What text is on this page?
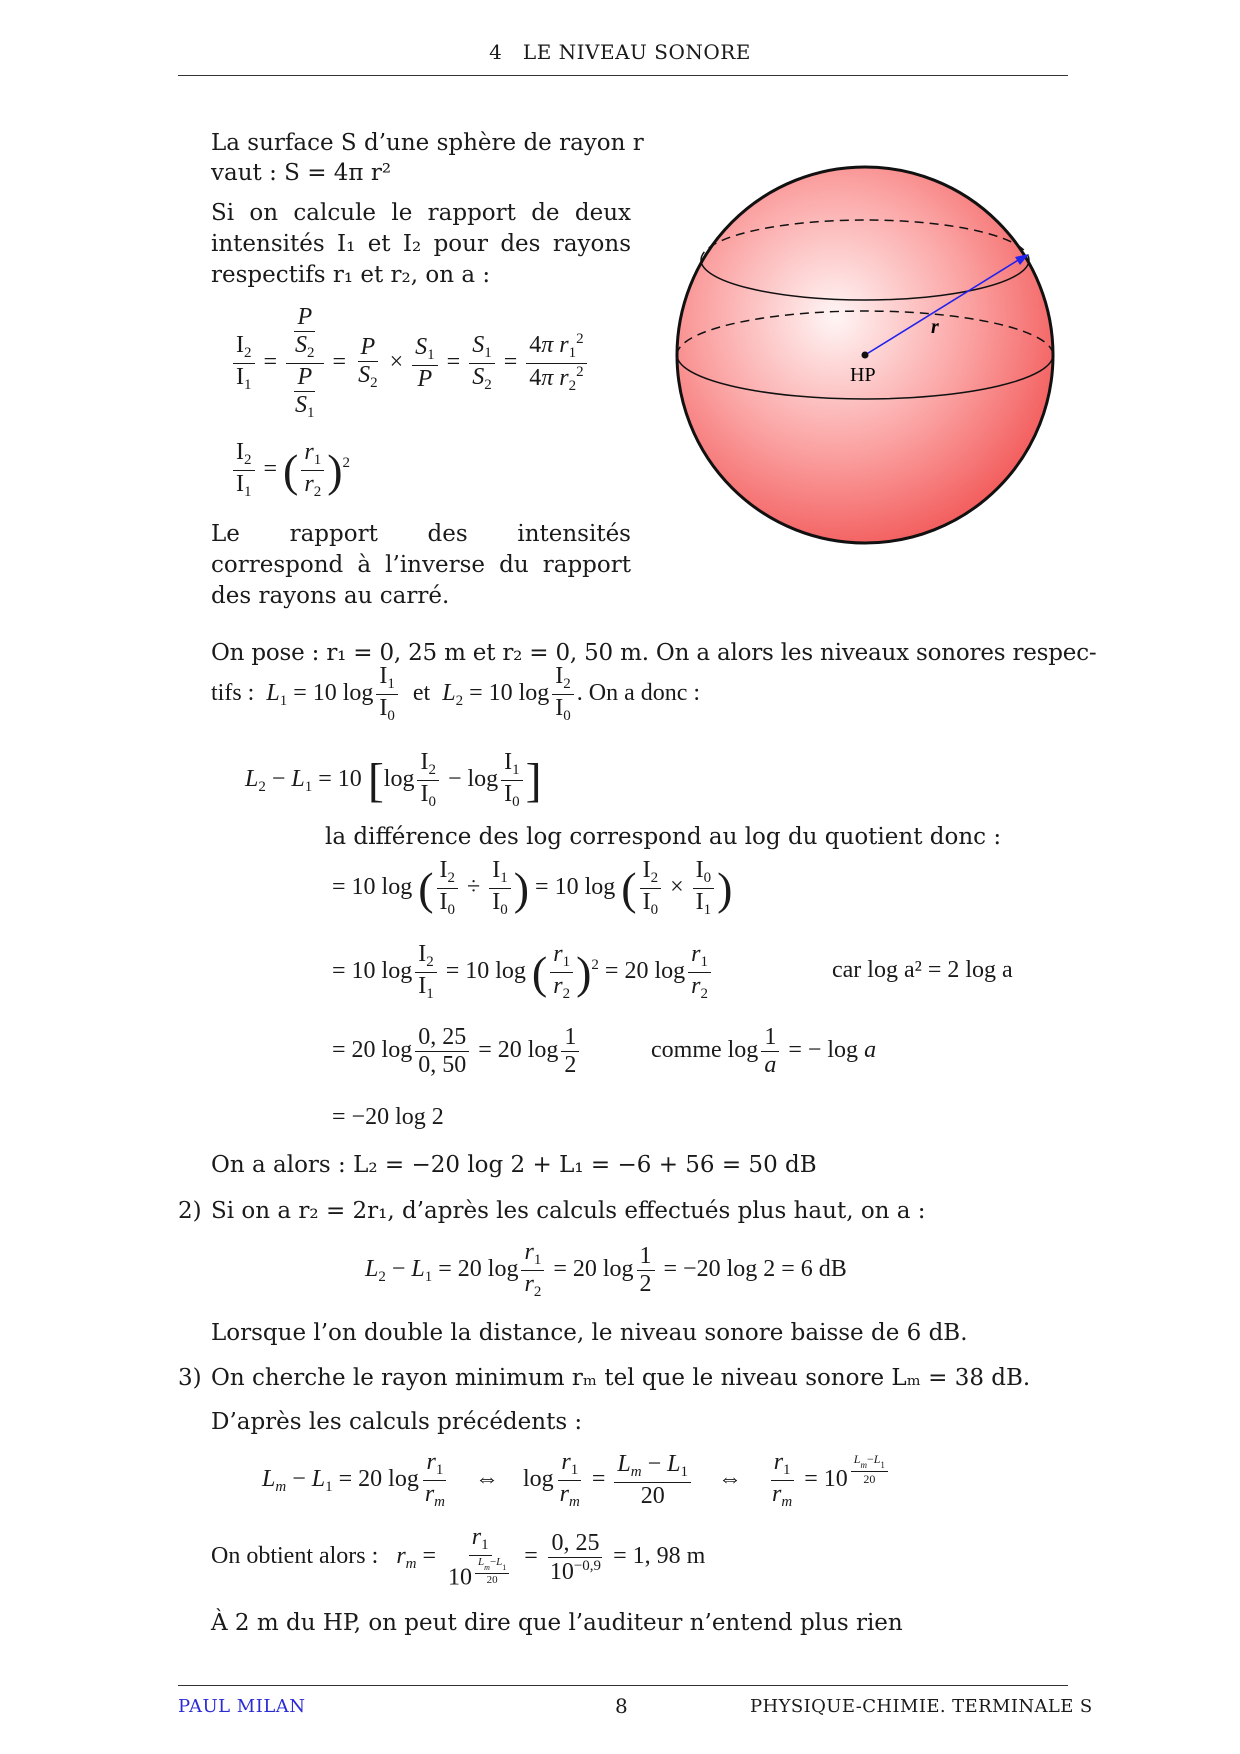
4 LE NIVEAU SONORE
La surface S d’une sphère de rayon r
vaut : S = 4π r²
Si on calcule le rapport de deux intensités I₁ et I₂ pour des rayons respectifs r₁ et r₂, on a :
$\frac{I_2}{I_1} = \frac{\frac{P}{S_2}}{\frac{P}{S_1}} = \frac{P}{S_2} \times \frac{S_1}{P} = \frac{S_1}{S_2} = \frac{4\pi r_1^2}{4\pi r_2^2}$
$\frac{I_2}{I_1}$ = ( $\frac{r_1}{r_2} )^2$
Le rapport des intensités correspond à l’inverse du rapport des rayons au carré.
r
HP
On pose : r₁ = 0, 25 m et r₂ = 0, 50 m. On a alors les niveaux sonores respec-
tifs : $L_1 = 10$ $\log \frac{I_1}{I_0}$ et $L_2 = 10$ $\log \frac{I_2}{I_0}$ . On a donc :
$L_2 - L_1 = 10$ [$\log \frac{I_2}{I_0} - \log \frac{I_1}{I_0}$ ]
la différence des log correspond au log du quotient donc :
= 10 log ( $\frac{I_2}{I_0} \div \frac{I_1}{I_0}$ ) = 10 log ( $\frac{I_2}{I_0} \times \frac{I_0}{I_1}$ )
= 10 $\log \frac{I_2}{I_1} = 10$ log ( $\frac{r_1}{r_2} )^2 = 20$ $\log \frac{r_1}{r_2}$	car log a² = 2 log a
= 20 $\log \frac{0, 25}{0, 50} = 20$ $\log \frac{1}{2}$	comme $\log \frac{1}{a}$ = − log a
= −20 log 2
On a alors : L₂ = −20 log 2 + L₁ = −6 + 56 = 50 dB
2) Si on a r₂ = 2r₁, d’après les calculs effectués plus haut, on a :
$L_2 - L_1 = 20$ $\log \frac{r_1}{r_2} = 20$ $\log \frac{1}{2} = -20$ log 2 = 6 dB
Lorsque l’on double la distance, le niveau sonore baisse de 6 dB.
3) On cherche le rayon minimum rₘ tel que le niveau sonore Lₘ = 38 dB.
D’après les calculs précédents :
$L_m - L_1 = 20$ $\log \frac{r_1}{r_m}$ ⇔    $\log \frac{r_1}{r_m} = \frac{L_m - L_1}{20}$ ⇔ $\frac{r_1}{r_m} = 10$ $^{\frac{L_m-L_1}{20}}$
On obtient alors : $r_m = r_1$
10 $^{\frac{L_m-L_1}{20}} = \frac{0, 25}{10^{-0,9}} = 1$, 98 m
À 2 m du HP, on peut dire que l’auditeur n’entend plus rien
PAUL MILAN	8	PHYSIQUE-CHIMIE. TERMINALE S
